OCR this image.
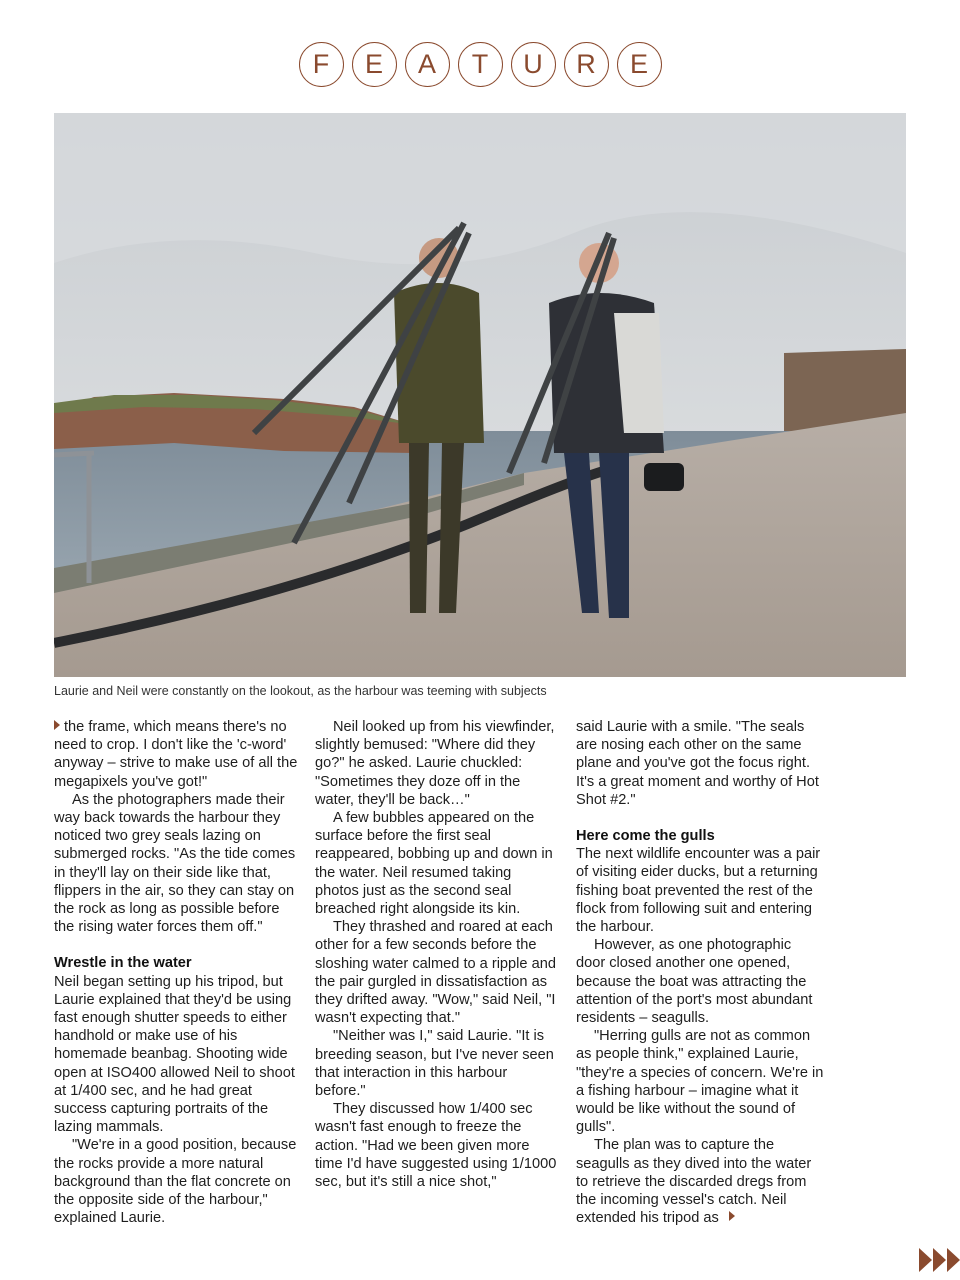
F	E	A	T	U	R	E
Laurie and Neil were constantly on the lookout, as the harbour was teeming with subjects

the frame, which means there's no need to crop. I don't like the 'c-word' anyway – strive to make use of all the megapixels you've got!"

As the photographers made their way back towards the harbour they noticed two grey seals lazing on submerged rocks. "As the tide comes in they'll lay on their side like that, flippers in the air, so they can stay on the rock as long as possible before the rising water forces them off."

Wrestle in the water

Neil began setting up his tripod, but Laurie explained that they'd be using fast enough shutter speeds to either handhold or make use of his homemade beanbag. Shooting wide open at ISO400 allowed Neil to shoot at 1/400 sec, and he had great success capturing portraits of the lazing mammals.

"We're in a good position, because the rocks provide a more natural background than the flat concrete on the opposite side of the harbour," explained Laurie.

Neil looked up from his viewfinder, slightly bemused: "Where did they go?" he asked. Laurie chuckled: "Sometimes they doze off in the water, they'll be back…"

A few bubbles appeared on the surface before the first seal reappeared, bobbing up and down in the water. Neil resumed taking photos just as the second seal breached right alongside its kin.

They thrashed and roared at each other for a few seconds before the sloshing water calmed to a ripple and the pair gurgled in dissatisfaction as they drifted away. "Wow," said Neil, "I wasn't expecting that."

"Neither was I," said Laurie. "It is breeding season, but I've never seen that interaction in this harbour before."

They discussed how 1/400 sec wasn't fast enough to freeze the action. "Had we been given more time I'd have suggested using 1/1000 sec, but it's still a nice shot,"

said Laurie with a smile. "The seals are nosing each other on the same plane and you've got the focus right. It's a great moment and worthy of Hot Shot #2."

Here come the gulls

The next wildlife encounter was a pair of visiting eider ducks, but a returning fishing boat prevented the rest of the flock from following suit and entering the harbour.

However, as one photographic door closed another one opened, because the boat was attracting the attention of the port's most abundant residents – seagulls.

"Herring gulls are not as common as people think," explained Laurie, "they're a species of concern. We're in a fishing harbour – imagine what it would be like without the sound of gulls".

The plan was to capture the seagulls as they dived into the water to retrieve the discarded dregs from the incoming vessel's catch. Neil extended his tripod as
